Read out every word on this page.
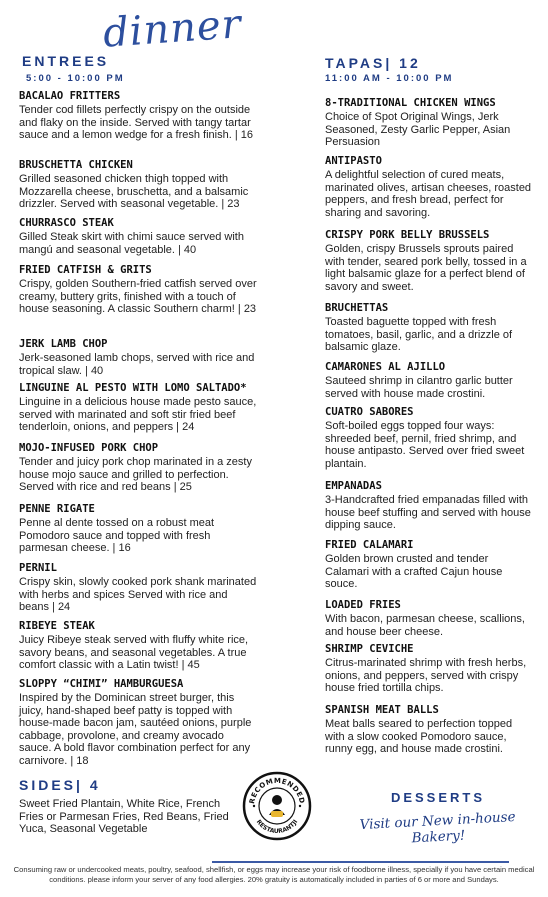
dinner
ENTREES
5:00 - 10:00 PM
BACALAO FRITTERS
Tender cod fillets perfectly crispy on the outside and flaky on the inside. Served with tangy tartar sauce and a lemon wedge for a fresh finish. | 16
BRUSCHETTA CHICKEN
Grilled seasoned chicken thigh topped with Mozzarella cheese, bruschetta, and a balsamic drizzler. Served with seasonal vegetable. | 23
CHURRASCO STEAK
Gilled Steak skirt with chimi sauce served with mangú and seasonal vegetable. | 40
FRIED CATFISH & GRITS
Crispy, golden Southern-fried catfish served over creamy, buttery grits, finished with a touch of house seasoning. A classic Southern charm! | 23
JERK LAMB CHOP
Jerk-seasoned lamb chops, served with rice and tropical slaw. | 40
LINGUINE AL PESTO WITH LOMO SALTADO*
Linguine in a delicious house made pesto sauce, served with marinated and soft stir fried beef tenderloin, onions, and peppers | 24
MOJO-INFUSED PORK CHOP
Tender and juicy pork chop marinated in a zesty house mojo sauce and grilled to perfection. Served with rice and red beans | 25
PENNE RIGATE
Penne al dente tossed on a robust meat Pomodoro sauce and topped with fresh parmesan cheese. | 16
PERNIL
Crispy skin, slowly cooked pork shank marinated with herbs and spices Served with rice and beans | 24
RIBEYE STEAK
Juicy Ribeye steak served with fluffy white rice, savory beans, and seasonal vegetables. A true comfort classic with a Latin twist! | 45
SLOPPY “CHIMI” HAMBURGUESA
Inspired by the Dominican street burger, this juicy, hand-shaped beef patty is topped with house-made bacon jam, sautéed onions, purple cabbage, provolone, and creamy avocado sauce. A bold flavor combination perfect for any carnivore. | 18
TAPAS| 12
11:00 AM - 10:00 PM
8-TRADITIONAL CHICKEN WINGS
Choice of Spot Original Wings, Jerk Seasoned, Zesty Garlic Pepper, Asian Persuasion
ANTIPASTO
A delightful selection of cured meats, marinated olives, artisan cheeses, roasted peppers, and fresh bread, perfect for sharing and savoring.
CRISPY PORK BELLY BRUSSELS
Golden, crispy Brussels sprouts paired with tender, seared pork belly, tossed in a light balsamic glaze for a perfect blend of savory and sweet.
BRUCHETTAS
Toasted baguette topped with fresh tomatoes, basil, garlic, and a drizzle of balsamic glaze.
CAMARONES AL AJILLO
Sauteed shrimp in cilantro garlic butter served with house made crostini.
CUATRO SABORES
Soft-boiled eggs topped four ways: shreeded beef, pernil, fried shrimp, and house antipasto. Served over fried sweet plantain.
EMPANADAS
3-Handcrafted fried empanadas filled with house beef stuffing and served with house dipping sauce.
FRIED CALAMARI
Golden brown crusted and tender Calamari with a crafted Cajun house souce.
LOADED FRIES
With bacon, parmesan cheese, scallions, and house beer cheese.
SHRIMP CEVICHE
Citrus-marinated shrimp with fresh herbs, onions, and peppers, served with crispy house fried tortilla chips.
SPANISH MEAT BALLS
Meat balls seared to perfection topped with a slow cooked Pomodoro sauce, runny egg, and house made crostini.
SIDES| 4
Sweet Fried Plantain, White Rice, French Fries or Parmesan Fries, Red Beans, Fried Yuca, Seasonal Vegetable
RECOMMENDED
RESTAURANTJI
DESSERTS
Visit our New in-house Bakery!
Consuming raw or undercooked meats, poultry, seafood, shellfish, or eggs may increase your risk of foodborne illness, specially if you have certain medical conditions. please inform your server of any food allergies. 20% gratuity is automatically included in parties of 6 or more and Sundays.
